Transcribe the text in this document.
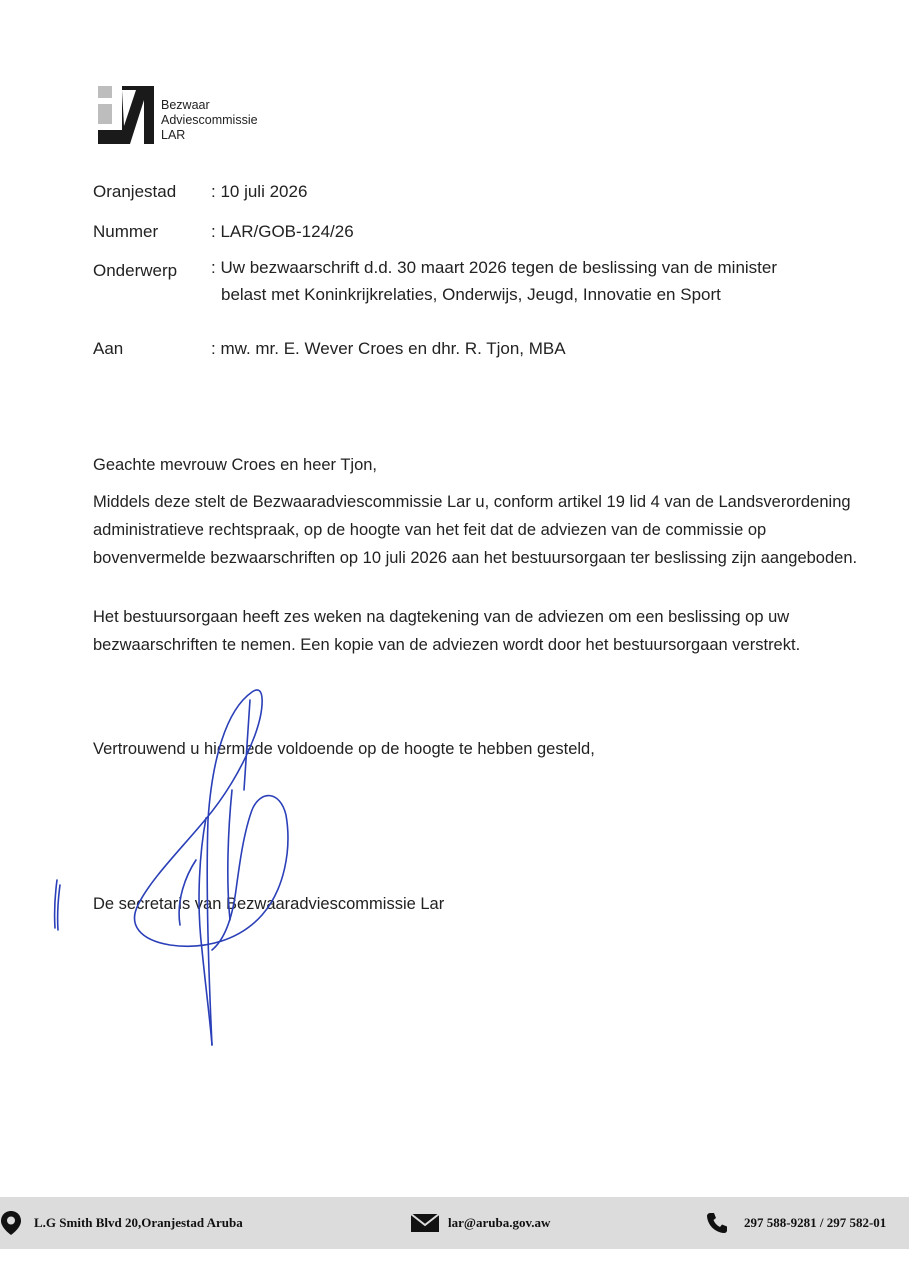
Bezwaar
Adviescommissie
LAR
Oranjestad : 10 juli 2026
Nummer	: LAR/GOB-124/26
Onderwerp : Uw bezwaarschrift d.d. 30 maart 2026 tegen de beslissing van de minister
belast met Koninkrijkrelaties, Onderwijs, Jeugd, Innovatie en Sport
Aan	: mw. mr. E. Wever Croes en dhr. R. Tjon, MBA
Geachte mevrouw Croes en heer Tjon,
Middels deze stelt de Bezwaaradviescommissie Lar u, conform artikel 19 lid 4 van de Landsverordening administratieve rechtspraak, op de hoogte van het feit dat de adviezen van de commissie op bovenvermelde bezwaarschriften op 10 juli 2026 aan het bestuursorgaan ter beslissing zijn aangeboden.
Het bestuursorgaan heeft zes weken na dagtekening van de adviezen om een beslissing op uw bezwaarschriften te nemen. Een kopie van de adviezen wordt door het bestuursorgaan verstrekt.
Vertrouwend u hiermede voldoende op de hoogte te hebben gesteld,
De secretaris van Bezwaaradviescommissie Lar
L.G Smith Blvd 20,Oranjestad Aruba	lar@aruba.gov.aw	297 588-9281 / 297 582-01
